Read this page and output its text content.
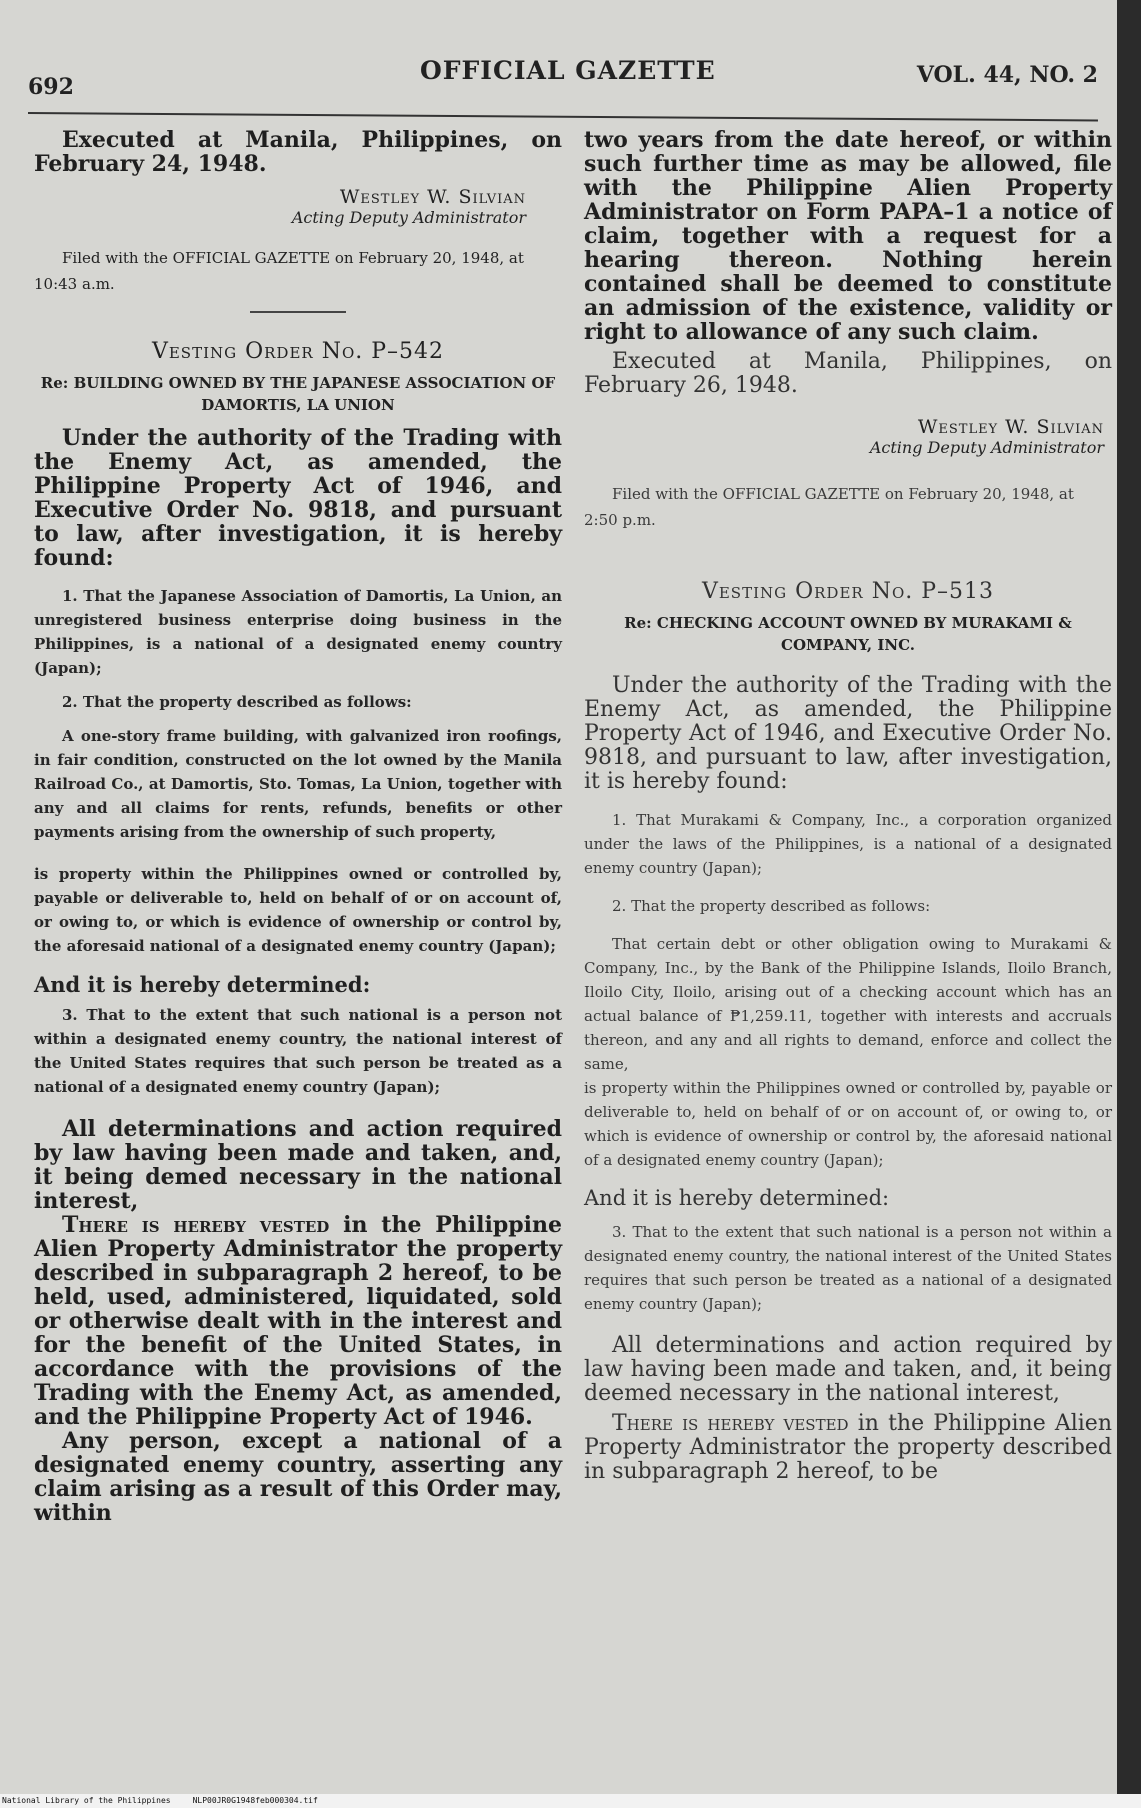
692
OFFICIAL GAZETTE	VOL. 44, NO. 2

Executed at Manila, Philippines, on February 24, 1948.

Westley W. Silvian

Acting Deputy Administrator

Filed with the OFFICIAL GAZETTE on February 20, 1948, at 10:43 a.m.

Vesting Order No. P–542

Re: BUILDING OWNED BY THE JAPANESE ASSOCIATION OF DAMORTIS, LA UNION

Under the authority of the Trading with the Enemy Act, as amended, the Philippine Property Act of 1946, and Executive Order No. 9818, and pursuant to law, after investigation, it is hereby found:

1. That the Japanese Association of Damortis, La Union, an unregistered business enterprise doing business in the Philippines, is a national of a designated enemy country (Japan);

2. That the property described as follows:

A one-story frame building, with galvanized iron roofings, in fair condition, constructed on the lot owned by the Manila Railroad Co., at Damortis, Sto. Tomas, La Union, together with any and all claims for rents, refunds, benefits or other payments arising from the ownership of such property,

is property within the Philippines owned or controlled by, payable or deliverable to, held on behalf of or on account of, or owing to, or which is evidence of ownership or control by, the aforesaid national of a designated enemy country (Japan);

And it is hereby determined:

3. That to the extent that such national is a person not within a designated enemy country, the national interest of the United States requires that such person be treated as a national of a designated enemy country (Japan);

All determinations and action required by law having been made and taken, and, it being demed necessary in the national interest,

There is hereby vested in the Philippine Alien Property Administrator the property described in subparagraph 2 hereof, to be held, used, administered, liquidated, sold or otherwise dealt with in the interest and for the benefit of the United States, in accordance with the provisions of the Trading with the Enemy Act, as amended, and the Philippine Property Act of 1946.

Any person, except a national of a designated enemy country, asserting any claim arising as a result of this Order may, within

two years from the date hereof, or within such further time as may be allowed, file with the Philippine Alien Property Administrator on Form PAPA–1 a notice of claim, together with a request for a hearing thereon. Nothing herein contained shall be deemed to constitute an admission of the existence, validity or right to allowance of any such claim.

Executed at Manila, Philippines, on February 26, 1948.

Westley W. Silvian

Acting Deputy Administrator

Filed with the OFFICIAL GAZETTE on February 20, 1948, at 2:50 p.m.

Vesting Order No. P–513

Re: CHECKING ACCOUNT OWNED BY MURAKAMI & COMPANY, INC.

Under the authority of the Trading with the Enemy Act, as amended, the Philippine Property Act of 1946, and Executive Order No. 9818, and pursuant to law, after investigation, it is hereby found:

1. That Murakami & Company, Inc., a corporation organized under the laws of the Philippines, is a national of a designated enemy country (Japan);

2. That the property described as follows:

That certain debt or other obligation owing to Murakami & Company, Inc., by the Bank of the Philippine Islands, Iloilo Branch, Iloilo City, Iloilo, arising out of a checking account which has an actual balance of ₱1,259.11, together with interests and accruals thereon, and any and all rights to demand, enforce and collect the same,

is property within the Philippines owned or controlled by, payable or deliverable to, held on behalf of or on account of, or owing to, or which is evidence of ownership or control by, the aforesaid national of a designated enemy country (Japan);

And it is hereby determined:

3. That to the extent that such national is a person not within a designated enemy country, the national interest of the United States requires that such person be treated as a national of a designated enemy country (Japan);

All determinations and action required by law having been made and taken, and, it being deemed necessary in the national interest,

There is hereby vested in the Philippine Alien Property Administrator the property described in subparagraph 2 hereof, to be

National Library of the Philippines	NLP00JR0G1948feb000304.tif
